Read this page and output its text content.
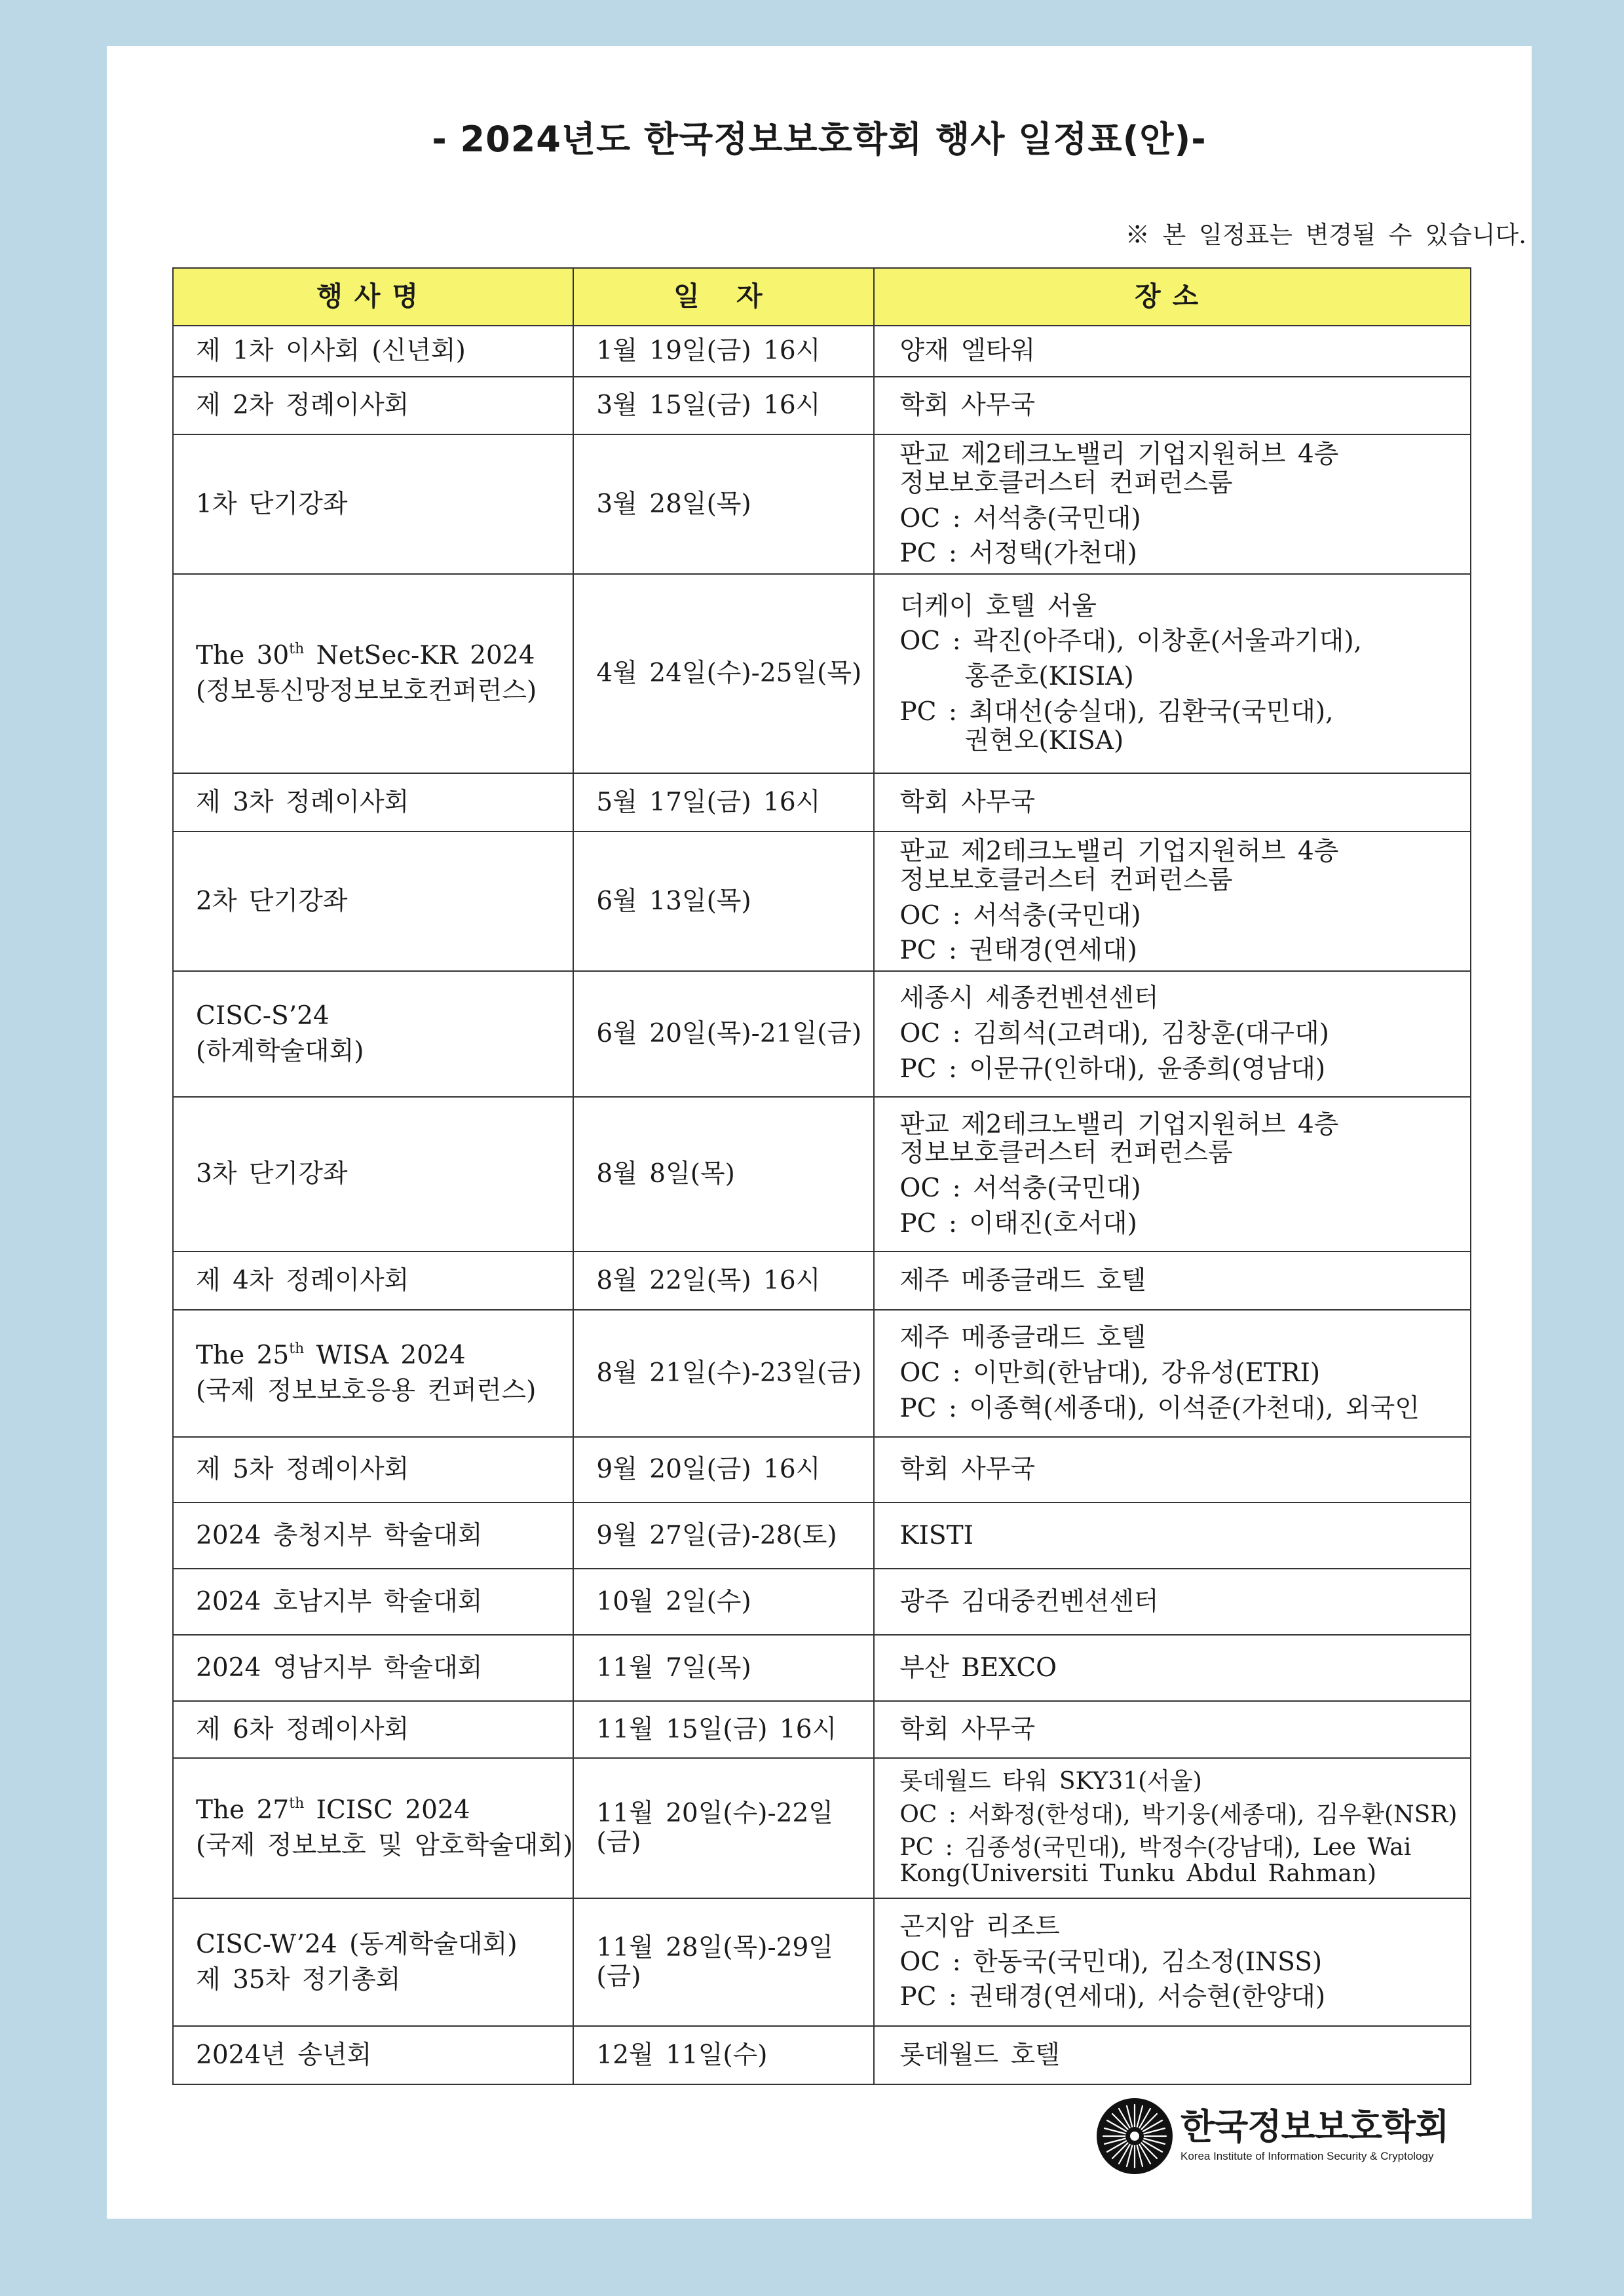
- 2024년도 한국정보보호학회 행사 일정표(안)-
※ 본 일정표는 변경될 수 있습니다.
행사명	일 자	장소

제 1차 이사회 (신년회)	1월 19일(금) 16시	양재 엘타워

제 2차 정례이사회	3월 15일(금) 16시	학회 사무국

1차 단기강좌	3월 28일(목)	판교 제2테크노밸리 기업지원허브 4층
정보보호클러스터 컨퍼런스룸
OC : 서석충(국민대)
PC : 서정택(가천대)

The 30th NetSec-KR 2024
(정보통신망정보보호컨퍼런스)	4월 24일(수)-25일(목)	더케이 호텔 서울
OC : 곽진(아주대), 이창훈(서울과기대),
홍준호(KISIA)
PC : 최대선(숭실대), 김환국(국민대),
권현오(KISA)

제 3차 정례이사회	5월 17일(금) 16시	학회 사무국

2차 단기강좌	6월 13일(목)	판교 제2테크노밸리 기업지원허브 4층
정보보호클러스터 컨퍼런스룸
OC : 서석충(국민대)
PC : 권태경(연세대)

CISC-S’24
(하계학술대회)	6월 20일(목)-21일(금)	세종시 세종컨벤션센터
OC : 김희석(고려대), 김창훈(대구대)
PC : 이문규(인하대), 윤종희(영남대)

3차 단기강좌	8월 8일(목)	판교 제2테크노밸리 기업지원허브 4층
정보보호클러스터 컨퍼런스룸
OC : 서석충(국민대)
PC : 이태진(호서대)

제 4차 정례이사회	8월 22일(목) 16시	제주 메종글래드 호텔

The 25th WISA 2024
(국제 정보보호응용 컨퍼런스)	8월 21일(수)-23일(금)	제주 메종글래드 호텔
OC : 이만희(한남대), 강유성(ETRI)
PC : 이종혁(세종대), 이석준(가천대), 외국인

제 5차 정례이사회	9월 20일(금) 16시	학회 사무국

2024 충청지부 학술대회	9월 27일(금)-28(토)	KISTI

2024 호남지부 학술대회	10월 2일(수)	광주 김대중컨벤션센터

2024 영남지부 학술대회	11월 7일(목)	부산 BEXCO

제 6차 정례이사회	11월 15일(금) 16시	학회 사무국

The 27th ICISC 2024
(국제 정보보호 및 암호학술대회)	11월 20일(수)-22일(금)	롯데월드 타워 SKY31(서울)
OC : 서화정(한성대), 박기웅(세종대), 김우환(NSR)
PC : 김종성(국민대), 박정수(강남대), Lee Wai
Kong(Universiti Tunku Abdul Rahman)

CISC-W’24 (동계학술대회)
제 35차 정기총회	11월 28일(목)-29일(금)	곤지암 리조트
OC : 한동국(국민대), 김소정(INSS)
PC : 권태경(연세대), 서승현(한양대)

2024년 송년회	12월 11일(수)	롯데월드 호텔
한국정보보호학회
Korea Institute of Information Security & Cryptology
